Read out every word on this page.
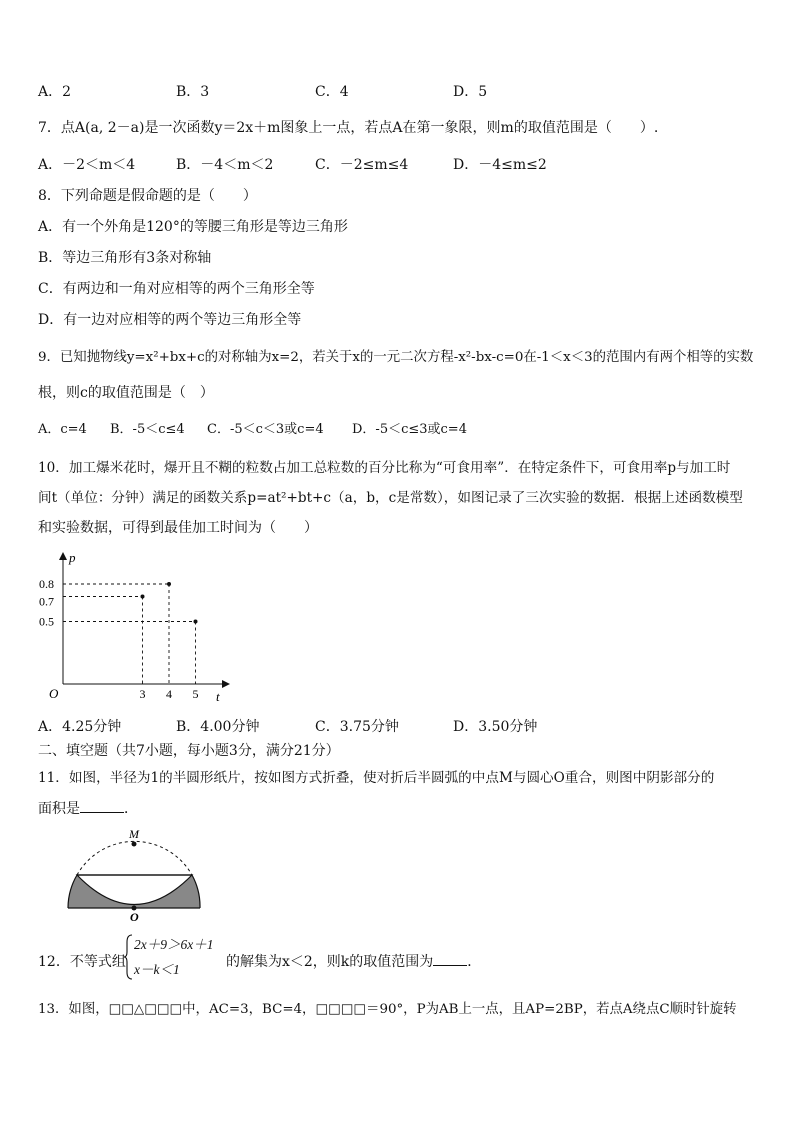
A．2	B．3	C．4	D．5
7．点A(a, 2－a)是一次函数y＝2x＋m图象上一点，若点A在第一象限，则m的取值范围是（　　）.
A．－2＜m＜4	B．－4＜m＜2	C．－2≤m≤4	D．－4≤m≤2
8．下列命题是假命题的是（　　）
A．有一个外角是120°的等腰三角形是等边三角形
B．等边三角形有3条对称轴
C．有两边和一角对应相等的两个三角形全等
D．有一边对应相等的两个等边三角形全等
9．已知抛物线y=x²+bx+c的对称轴为x=2，若关于x的一元二次方程-x²-bx-c=0在-1＜x＜3的范围内有两个相等的实数
根，则c的取值范围是（　）
A．c=4 B．-5＜c≤4 C．-5＜c＜3或c=4 D．-5＜c≤3或c=4
10．加工爆米花时，爆开且不糊的粒数占加工总粒数的百分比称为“可食用率”．在特定条件下，可食用率p与加工时
间t（单位：分钟）满足的函数关系p=at²+bt+c（a，b，c是常数），如图记录了三次实验的数据．根据上述函数模型
和实验数据，可得到最佳加工时间为（　　）
p
t
O
0.8
0.7
0.5
3 4 5
A．4.25分钟	B．4.00分钟	C．3.75分钟	D．3.50分钟
二、填空题（共7小题，每小题3分，满分21分）
11．如图，半径为1的半圆形纸片，按如图方式折叠，使对折后半圆弧的中点M与圆心O重合，则图中阴影部分的
面积是	．
M
O
12．不等式组
2x＋9＞6x＋1
x－k＜1	的解集为x＜2，则k的取值范围为 ．
13．如图，□□△□□□中，AC=3，BC=4，□□□□＝90°，P为AB上一点，且AP=2BP，若点A绕点C顺时针旋转
